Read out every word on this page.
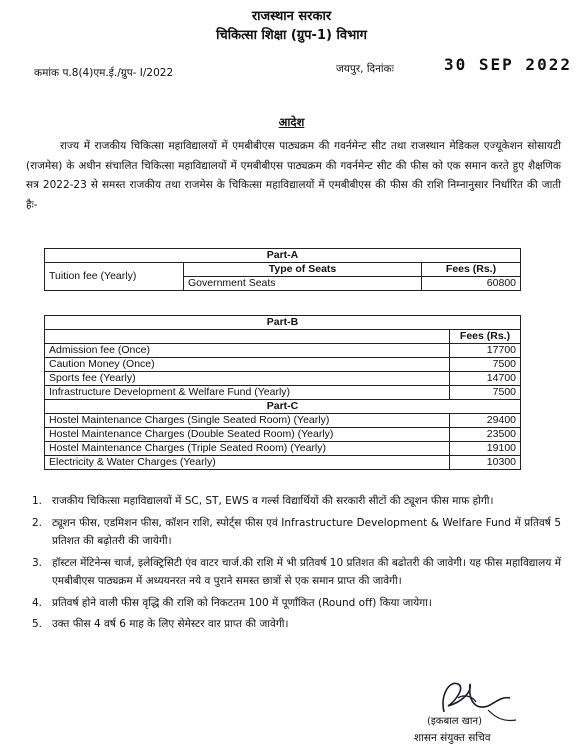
राजस्थान सरकार
चिकित्सा शिक्षा (ग्रुप-1) विभाग
कमांक प.8(4)एम.ई./ग्रुप- I/2022	जयपुर, दिनांकः	30 SEP 2022
आदेश
राज्य में राजकीय चिकित्सा महाविद्यालयों में एमबीबीएस पाठ्यक्रम की गवर्नमेन्ट सीट तथा राजस्थान मेडिकल एज्यूकेशन सोसायटी (राजमेस) के अधीन संचालित चिकित्सा महाविद्यालयों में एमबीबीएस पाठ्यक्रम की गवर्नमेन्ट सीट की फीस को एक समान करते हुए शैक्षणिक सत्र 2022-23 से समस्त राजकीय तथा राजमेस के चिकित्सा महाविद्यालयों में एमबीबीएस की फीस की राशि निम्नानुसार निर्धारित की जाती हैः-
Part-A		
Tuition fee (Yearly)	Type of Seats	Fees (Rs.)
	Government Seats	60800
Part-B	
	Fees (Rs.)
Admission fee (Once)	17700
Caution Money (Once)	7500
Sports fee (Yearly)	14700
Infrastructure Development & Welfare Fund (Yearly)	7500
Part-C	
Hostel Maintenance Charges (Single Seated Room) (Yearly)	29400
Hostel Maintenance Charges (Double Seated Room) (Yearly)	23500
Hostel Maintenance Charges (Triple Seated Room) (Yearly)	19100
Electricity & Water Charges (Yearly)	10300
1. राजकीय चिकित्सा महाविद्यालयों में SC, ST, EWS व गर्ल्स विद्यार्थियों की सरकारी सीटों की ट्यूशन फीस माफ होगी।
2. ट्यूशन फीस, एडमिशन फीस, कॉशन राशि, स्पोर्ट्स फीस एवं Infrastructure Development & Welfare Fund में प्रतिवर्ष 5 प्रतिशत की बढ़ोतरी की जायेगी।
3. हॉस्टल मेंटिनेन्स चार्ज, इलेक्ट्रिसिटी एंव वाटर चार्ज.की राशि में भी प्रतिवर्ष 10 प्रतिशत की बढोतरी की जावेगी। यह फीस महाविद्यालय में एमबीबीएस पाठ्यक्रम में अध्ययनरत नये व पुराने समस्त छात्रों से एक समान प्राप्त की जावेगी।
4. प्रतिवर्ष होने वाली फीस वृद्धि की राशि को निकटतम 100 में पूर्णांकित (Round off) किया जायेगा।
5. उक्त फीस 4 वर्ष 6 माह के लिए सेमेस्टर वार प्राप्त की जावेगी।
(इकबाल खान)
शासन संयुक्त सचिव
